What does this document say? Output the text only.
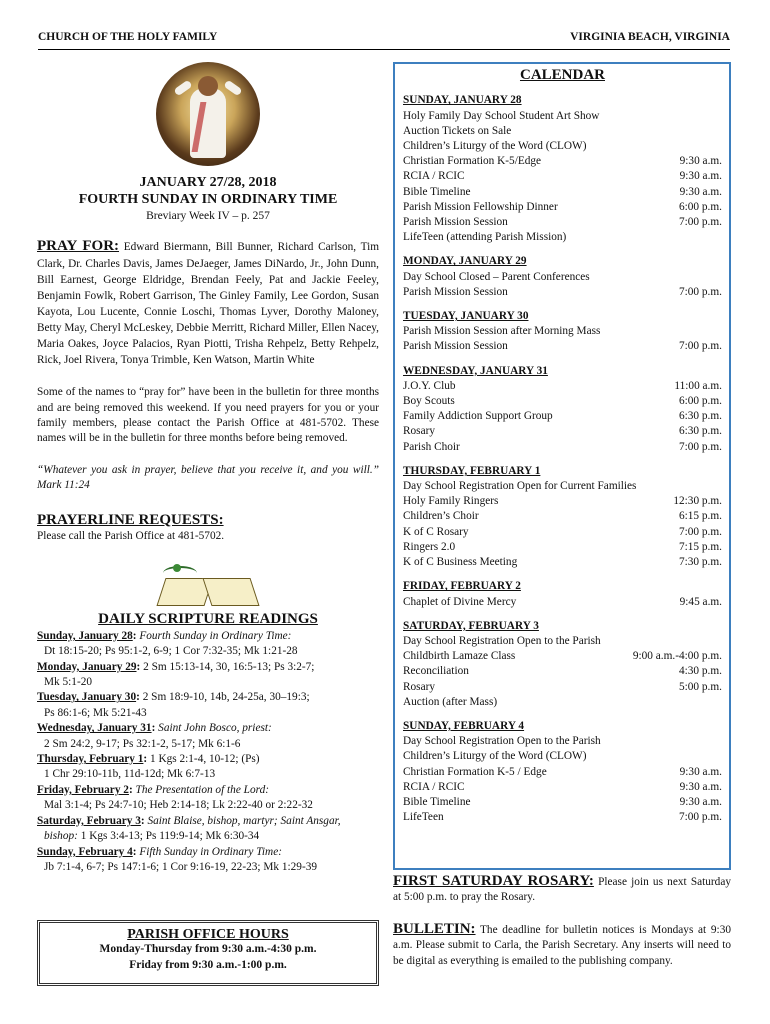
CHURCH OF THE HOLY FAMILY	VIRGINIA BEACH, VIRGINIA
JANUARY 27/28, 2018
FOURTH SUNDAY IN ORDINARY TIME
Breviary Week IV – p. 257
PRAY FOR: Edward Biermann, Bill Bunner, Richard Carlson, Tim Clark, Dr. Charles Davis, James DeJaeger, James DiNardo, Jr., John Dunn, Bill Earnest, George Eldridge, Brendan Feely, Pat and Jackie Feeley, Benjamin Fowlk, Robert Garrison, The Ginley Family, Lee Gordon, Susan Kayota, Lou Lucente, Connie Loschi, Thomas Lyver, Dorothy Maloney, Betty May, Cheryl McLeskey, Debbie Merritt, Richard Miller, Ellen Nacey, Maria Oakes, Joyce Palacios, Ryan Piotti, Trisha Rehpelz, Betty Rehpelz, Rick, Joel Rivera, Tonya Trimble, Ken Watson, Martin White
Some of the names to “pray for” have been in the bulletin for three months and are being removed this weekend. If you need prayers for you or your family members, please contact the Parish Office at 481-5702. These names will be in the bulletin for three months before being removed.
“Whatever you ask in prayer, believe that you receive it, and you will.” Mark 11:24
PRAYERLINE REQUESTS:
Please call the Parish Office at 481-5702.
DAILY SCRIPTURE READINGS
Sunday, January 28: Fourth Sunday in Ordinary Time:
Dt 18:15-20; Ps 95:1-2, 6-9; 1 Cor 7:32-35; Mk 1:21-28
Monday, January 29: 2 Sm 15:13-14, 30, 16:5-13; Ps 3:2-7;
Mk 5:1-20
Tuesday, January 30: 2 Sm 18:9-10, 14b, 24-25a, 30–19:3;
Ps 86:1-6; Mk 5:21-43
Wednesday, January 31: Saint John Bosco, priest:
2 Sm 24:2, 9-17; Ps 32:1-2, 5-17; Mk 6:1-6
Thursday, February 1: 1 Kgs 2:1-4, 10-12; (Ps)
1 Chr 29:10-11b, 11d-12d; Mk 6:7-13
Friday, February 2: The Presentation of the Lord:
Mal 3:1-4; Ps 24:7-10; Heb 2:14-18; Lk 2:22-40 or 2:22-32
Saturday, February 3: Saint Blaise, bishop, martyr; Saint Ansgar,
bishop: 1 Kgs 3:4-13; Ps 119:9-14; Mk 6:30-34
Sunday, February 4: Fifth Sunday in Ordinary Time:
Jb 7:1-4, 6-7; Ps 147:1-6; 1 Cor 9:16-19, 22-23; Mk 1:29-39
PARISH OFFICE HOURS
Monday-Thursday from 9:30 a.m.-4:30 p.m.
Friday from 9:30 a.m.-1:00 p.m.
CALENDAR
SUNDAY, JANUARY 28
Holy Family Day School Student Art Show
Auction Tickets on Sale
Children’s Liturgy of the Word (CLOW)
Christian Formation K-5/Edge	9:30 a.m.
RCIA / RCIC	9:30 a.m.
Bible Timeline	9:30 a.m.
Parish Mission Fellowship Dinner	6:00 p.m.
Parish Mission Session	7:00 p.m.
LifeTeen (attending Parish Mission)
MONDAY, JANUARY 29
Day School Closed – Parent Conferences
Parish Mission Session	7:00 p.m.
TUESDAY, JANUARY 30
Parish Mission Session after Morning Mass
Parish Mission Session	7:00 p.m.
WEDNESDAY, JANUARY 31
J.O.Y. Club	11:00 a.m.
Boy Scouts	6:00 p.m.
Family Addiction Support Group	6:30 p.m.
Rosary	6:30 p.m.
Parish Choir	7:00 p.m.
THURSDAY, FEBRUARY 1
Day School Registration Open for Current Families
Holy Family Ringers	12:30 p.m.
Children’s Choir	6:15 p.m.
K of C Rosary	7:00 p.m.
Ringers 2.0	7:15 p.m.
K of C Business Meeting	7:30 p.m.
FRIDAY, FEBRUARY 2
Chaplet of Divine Mercy	9:45 a.m.
SATURDAY, FEBRUARY 3
Day School Registration Open to the Parish
Childbirth Lamaze Class	9:00 a.m.-4:00 p.m.
Reconciliation	4:30 p.m.
Rosary	5:00 p.m.
Auction (after Mass)
SUNDAY, FEBRUARY 4
Day School Registration Open to the Parish
Children’s Liturgy of the Word (CLOW)
Christian Formation K-5 / Edge	9:30 a.m.
RCIA / RCIC	9:30 a.m.
Bible Timeline	9:30 a.m.
LifeTeen	7:00 p.m.
FIRST SATURDAY ROSARY: Please join us next Saturday at 5:00 p.m. to pray the Rosary.
BULLETIN: The deadline for bulletin notices is Mondays at 9:30 a.m. Please submit to Carla, the Parish Secretary. Any inserts will need to be digital as everything is emailed to the publishing company.
